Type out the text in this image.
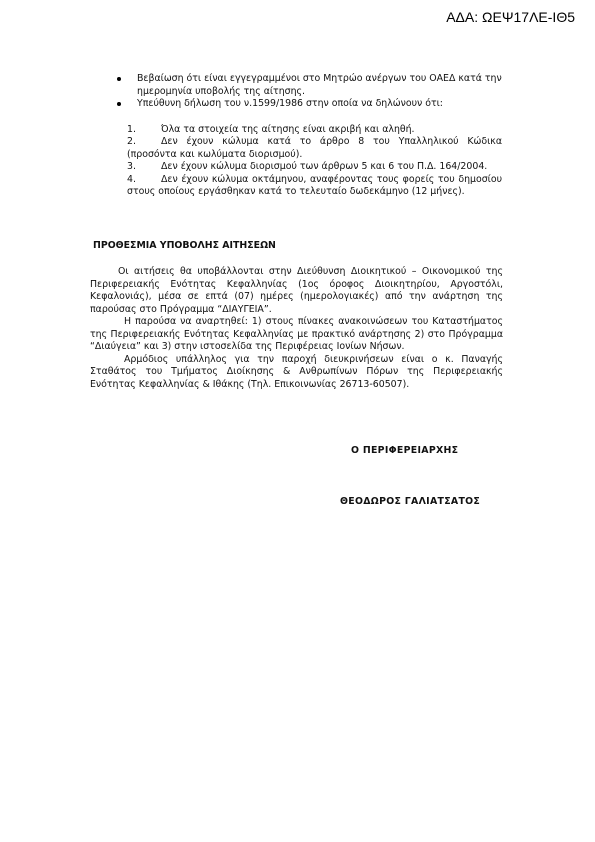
ΑΔΑ: ΩΕΨ17ΛΕ-ΙΘ5
Βεβαίωση ότι είναι εγγεγραμμένοι στο Μητρώο ανέργων του ΟΑΕΔ κατά την ημερομηνία υποβολής της αίτησης.
Υπεύθυνη δήλωση του ν.1599/1986 στην οποία να δηλώνουν ότι:
1.	Όλα τα στοιχεία της αίτησης είναι ακριβή και αληθή.
2.	Δεν έχουν κώλυμα κατά το άρθρο 8 του Υπαλληλικού Κώδικα (προσόντα και κωλύματα διορισμού).
3.	Δεν έχουν κώλυμα διορισμού των άρθρων 5 και 6 του Π.Δ. 164/2004.
4.	Δεν έχουν κώλυμα οκτάμηνου, αναφέροντας τους φορείς του δημοσίου στους οποίους εργάσθηκαν κατά το τελευταίο δωδεκάμηνο (12 μήνες).
ΠΡΟΘΕΣΜΙΑ ΥΠΟΒΟΛΗΣ ΑΙΤΗΣΕΩΝ

Οι αιτήσεις θα υποβάλλονται στην Διεύθυνση Διοικητικού – Οικονομικού της Περιφερειακής Ενότητας Κεφαλληνίας (1ος όροφος Διοικητηρίου, Αργοστόλι, Κεφαλονιάς), μέσα σε επτά (07) ημέρες (ημερολογιακές) από την ανάρτηση της παρούσας στο Πρόγραμμα “ΔΙΑΥΓΕΙΑ”.

Η παρούσα να αναρτηθεί: 1) στους πίνακες ανακοινώσεων του Καταστήματος της Περιφερειακής Ενότητας Κεφαλληνίας με πρακτικό ανάρτησης 2) στο Πρόγραμμα “Διαύγεια” και 3) στην ιστοσελίδα της Περιφέρειας Ιονίων Νήσων.

Αρμόδιος υπάλληλος για την παροχή διευκρινήσεων είναι ο κ. Παναγής Σταθάτος του Τμήματος Διοίκησης & Ανθρωπίνων Πόρων της Περιφερειακής Ενότητας Κεφαλληνίας & Ιθάκης (Τηλ. Επικοινωνίας 26713-60507).

Ο ΠΕΡΙΦΕΡΕΙΑΡΧΗΣ
ΘΕΟΔΩΡΟΣ ΓΑΛΙΑΤΣΑΤΟΣ
